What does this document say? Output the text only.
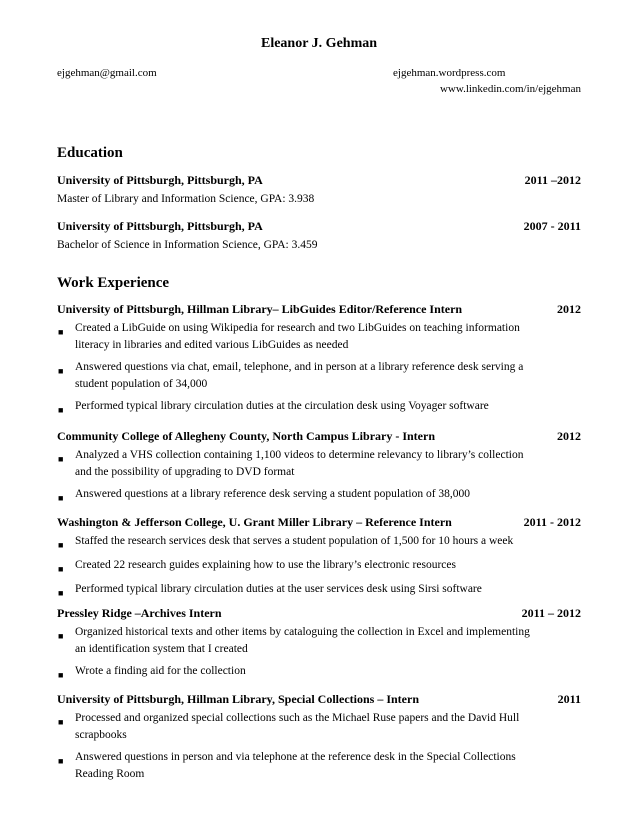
Eleanor J. Gehman
ejgehman@gmail.com	ejgehman.wordpress.com
www.linkedin.com/in/ejgehman
Education
University of Pittsburgh, Pittsburgh, PA	2011 –2012
Master of Library and Information Science, GPA: 3.938
University of Pittsburgh, Pittsburgh, PA	2007 - 2011
Bachelor of Science in Information Science, GPA: 3.459
Work Experience
University of Pittsburgh, Hillman Library– LibGuides Editor/Reference Intern	2012
■ Created a LibGuide on using Wikipedia for research and two LibGuides on teaching information
literacy in libraries and edited various LibGuides as needed
■ Answered questions via chat, email, telephone, and in person at a library reference desk serving a
student population of 34,000
■ Performed typical library circulation duties at the circulation desk using Voyager software
Community College of Allegheny County, North Campus Library - Intern	2012
■ Analyzed a VHS collection containing 1,100 videos to determine relevancy to library’s collection
and the possibility of upgrading to DVD format
■ Answered questions at a library reference desk serving a student population of 38,000
Washington & Jefferson College, U. Grant Miller Library – Reference Intern	2011 - 2012
■ Staffed the research services desk that serves a student population of 1,500 for 10 hours a week
■ Created 22 research guides explaining how to use the library’s electronic resources
■ Performed typical library circulation duties at the user services desk using Sirsi software
Pressley Ridge –Archives Intern	2011 – 2012
■ Organized historical texts and other items by cataloguing the collection in Excel and implementing
an identification system that I created
■ Wrote a finding aid for the collection
University of Pittsburgh, Hillman Library, Special Collections – Intern	2011
■ Processed and organized special collections such as the Michael Ruse papers and the David Hull
scrapbooks
■ Answered questions in person and via telephone at the reference desk in the Special Collections
Reading Room
